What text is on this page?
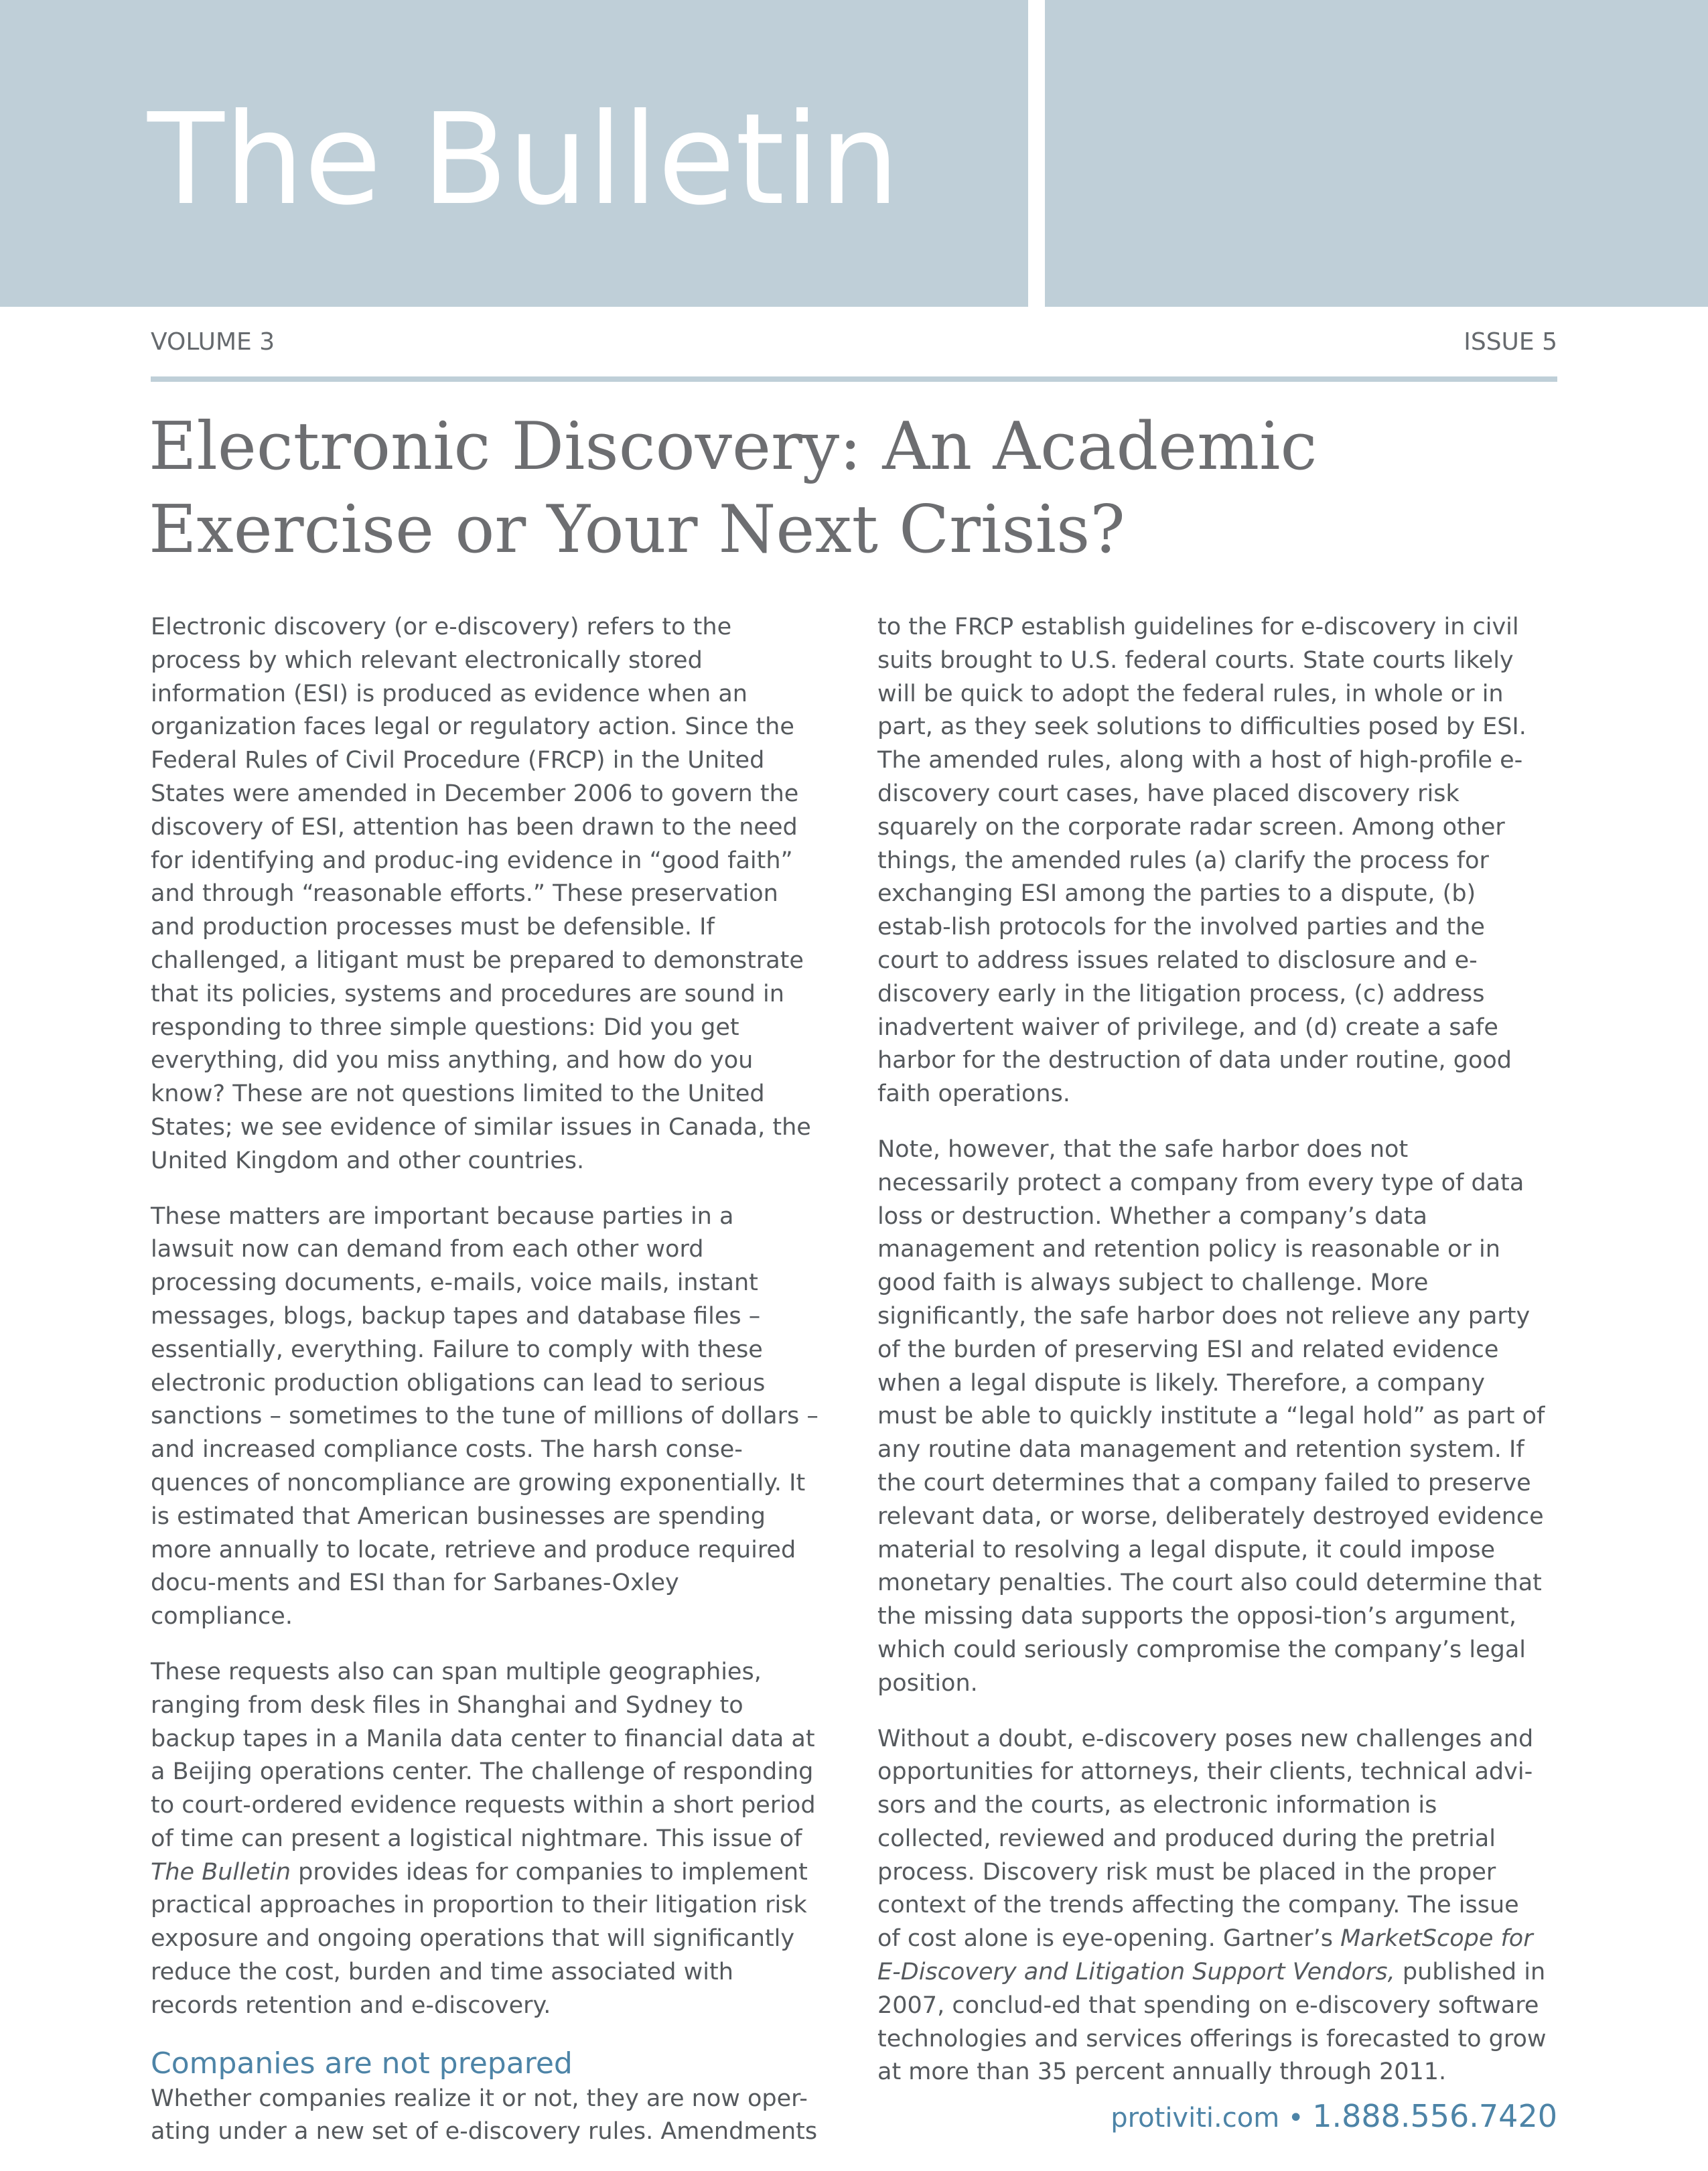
The Bulletin
VOLUME 3	ISSUE 5
Electronic Discovery: An Academic
Exercise or Your Next Crisis?

Electronic discovery (or e-discovery) refers to the process by which relevant electronically stored information (ESI) is produced as evidence when an organization faces legal or regulatory action. Since the Federal Rules of Civil Procedure (FRCP) in the United States were amended in December 2006 to govern the discovery of ESI, attention has been drawn to the need for identifying and produc-ing evidence in “good faith” and through “reasonable efforts.” These preservation and production processes must be defensible. If challenged, a litigant must be prepared to demonstrate that its policies, systems and procedures are sound in responding to three simple questions: Did you get everything, did you miss anything, and how do you know? These are not questions limited to the United States; we see evidence of similar issues in Canada, the United Kingdom and other countries.

These matters are important because parties in a lawsuit now can demand from each other word processing documents, e-mails, voice mails, instant messages, blogs, backup tapes and database files – essentially, everything. Failure to comply with these electronic production obligations can lead to serious sanctions – sometimes to the tune of millions of dollars – and increased compliance costs. The harsh conse-quences of noncompliance are growing exponentially. It is estimated that American businesses are spending more annually to locate, retrieve and produce required docu-ments and ESI than for Sarbanes-Oxley compliance.

These requests also can span multiple geographies, ranging from desk files in Shanghai and Sydney to backup tapes in a Manila data center to financial data at a Beijing operations center. The challenge of responding to court-ordered evidence requests within a short period of time can present a logistical nightmare. This issue of The Bulletin provides ideas for companies to implement practical approaches in proportion to their litigation risk exposure and ongoing operations that will significantly reduce the cost, burden and time associated with records retention and e-discovery.

Companies are not prepared

Whether companies realize it or not, they are now oper-ating under a new set of e-discovery rules. Amendments

to the FRCP establish guidelines for e-discovery in civil suits brought to U.S. federal courts. State courts likely will be quick to adopt the federal rules, in whole or in part, as they seek solutions to difficulties posed by ESI. The amended rules, along with a host of high-profile e-discovery court cases, have placed discovery risk squarely on the corporate radar screen. Among other things, the amended rules (a) clarify the process for exchanging ESI among the parties to a dispute, (b) estab-lish protocols for the involved parties and the court to address issues related to disclosure and e-discovery early in the litigation process, (c) address inadvertent waiver of privilege, and (d) create a safe harbor for the destruction of data under routine, good faith operations.

Note, however, that the safe harbor does not necessarily protect a company from every type of data loss or destruction. Whether a company’s data management and retention policy is reasonable or in good faith is always subject to challenge. More significantly, the safe harbor does not relieve any party of the burden of preserving ESI and related evidence when a legal dispute is likely. Therefore, a company must be able to quickly institute a “legal hold” as part of any routine data management and retention system. If the court determines that a company failed to preserve relevant data, or worse, deliberately destroyed evidence material to resolving a legal dispute, it could impose monetary penalties. The court also could determine that the missing data supports the opposi-tion’s argument, which could seriously compromise the company’s legal position.

Without a doubt, e-discovery poses new challenges and opportunities for attorneys, their clients, technical advi-sors and the courts, as electronic information is collected, reviewed and produced during the pretrial process. Discovery risk must be placed in the proper context of the trends affecting the company. The issue of cost alone is eye-opening. Gartner’s MarketScope for E-Discovery and Litigation Support Vendors, published in 2007, conclud-ed that spending on e-discovery software technologies and services offerings is forecasted to grow at more than 35 percent annually through 2011.

protiviti.com • 1.888.556.7420
